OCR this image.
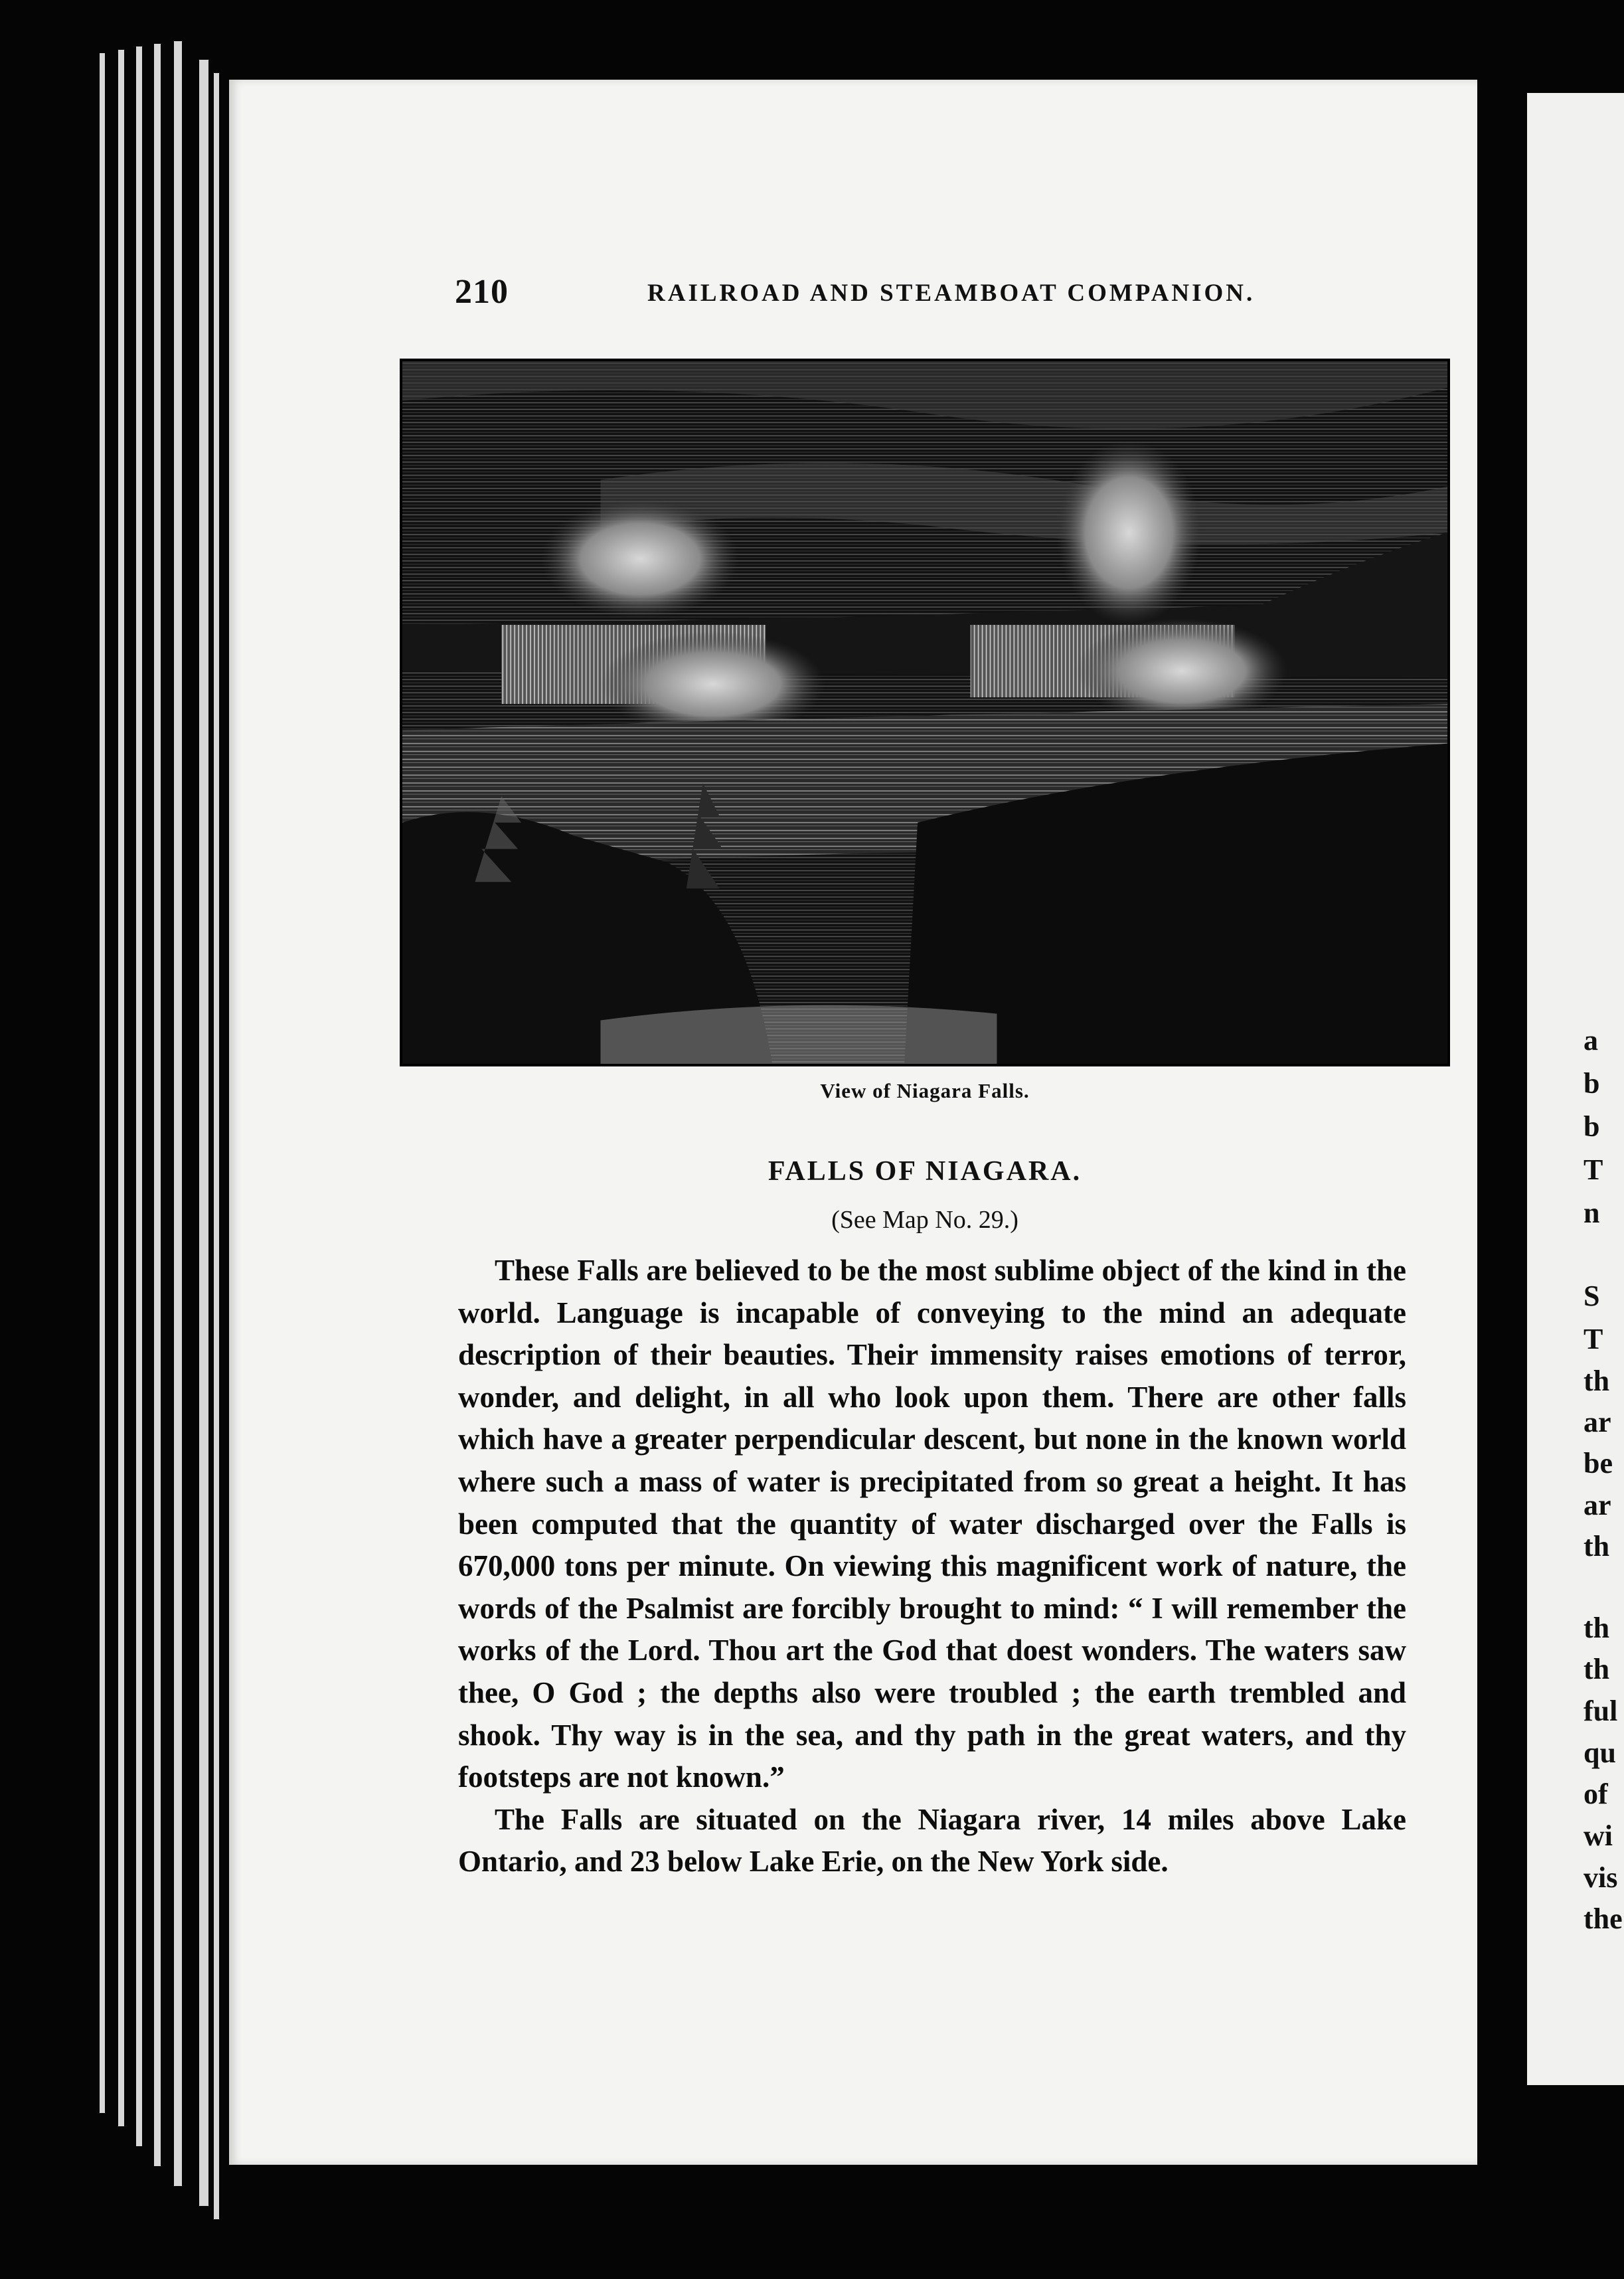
a
b
b
T
n
S
T
th
ar
be
ar
th
th
th
ful
qu
of
wi
vis
the
210	RAILROAD AND STEAMBOAT COMPANION.
View of Niagara Falls.
FALLS OF NIAGARA.
(See Map No. 29.)

These Falls are believed to be the most sublime object of the kind in the world. Language is incapable of conveying to the mind an adequate description of their beauties. Their immensity raises emotions of terror, wonder, and delight, in all who look upon them. There are other falls which have a greater perpendicular descent, but none in the known world where such a mass of water is precipitated from so great a height. It has been computed that the quantity of water discharged over the Falls is 670,000 tons per minute. On viewing this magnificent work of nature, the words of the Psalmist are forcibly brought to mind: “ I will remember the works of the Lord. Thou art the God that doest wonders. The waters saw thee, O God ; the depths also were troubled ; the earth trembled and shook. Thy way is in the sea, and thy path in the great waters, and thy footsteps are not known.”

The Falls are situated on the Niagara river, 14 miles above Lake Ontario, and 23 below Lake Erie, on the New York side.
